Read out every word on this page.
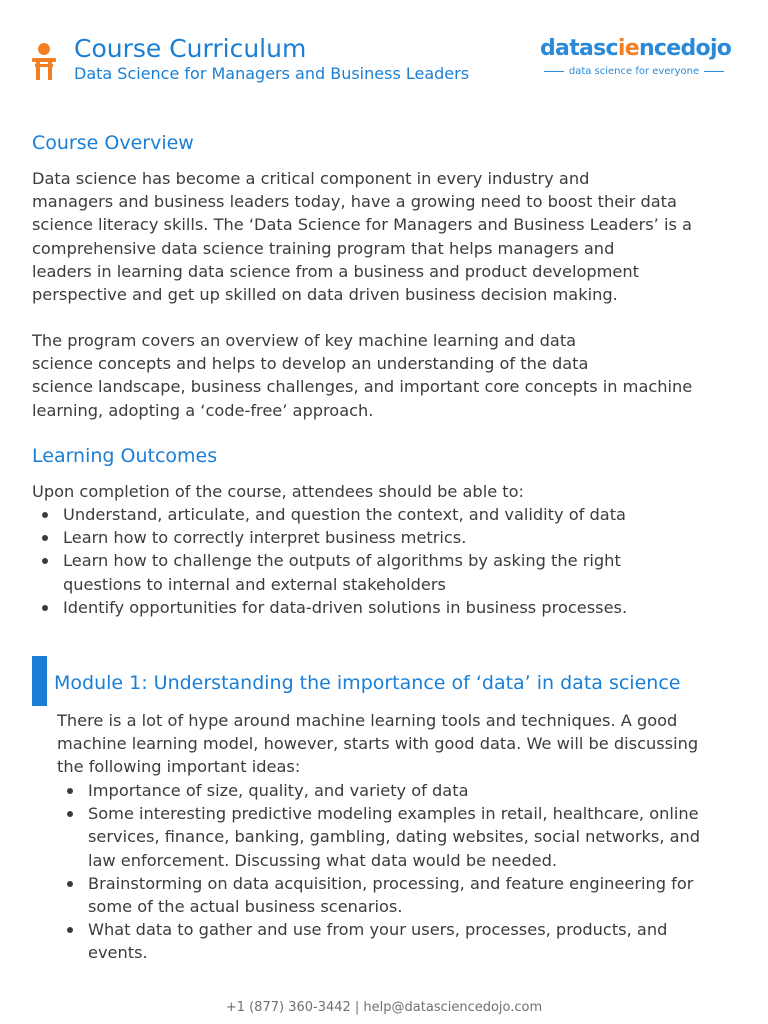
Course Curriculum
Data Science for Managers and Business Leaders
datasciencedojo
data science for everyone
Course Overview
Data science has become a critical component in every industry and
managers and business leaders today, have a growing need to boost their data
science literacy skills. The ‘Data Science for Managers and Business Leaders’ is a
comprehensive data science training program that helps managers and
leaders in learning data science from a business and product development
perspective and get up skilled on data driven business decision making.
The program covers an overview of key machine learning and data
science concepts and helps to develop an understanding of the data
science landscape, business challenges, and important core concepts in machine
learning, adopting a ‘code-free’ approach.
Learning Outcomes
Upon completion of the course, attendees should be able to:
Understand, articulate, and question the context, and validity of data
Learn how to correctly interpret business metrics.
Learn how to challenge the outputs of algorithms by asking the right
questions to internal and external stakeholders
Identify opportunities for data-driven solutions in business processes.
Module 1: Understanding the importance of ‘data’ in data science
There is a lot of hype around machine learning tools and techniques. A good
machine learning model, however, starts with good data. We will be discussing
the following important ideas:
Importance of size, quality, and variety of data
Some interesting predictive modeling examples in retail, healthcare, online
services, finance, banking, gambling, dating websites, social networks, and
law enforcement. Discussing what data would be needed.
Brainstorming on data acquisition, processing, and feature engineering for
some of the actual business scenarios.
What data to gather and use from your users, processes, products, and
events.
+1 (877) 360-3442 | help@datasciencedojo.com
